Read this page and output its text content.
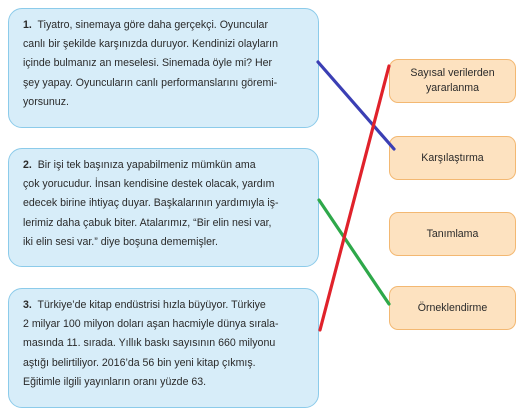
1. Tiyatro, sinemaya göre daha gerçekçi. Oyuncular

canlı bir şekilde karşınızda duruyor. Kendinizi olayların

içinde bulmanız an meselesi. Sinemada öyle mi? Her

şey yapay. Oyuncuların canlı performanslarını göremi-

yorsunuz.

2. Bir işi tek başınıza yapabilmeniz mümkün ama

çok yorucudur. İnsan kendisine destek olacak, yardım

edecek birine ihtiyaç duyar. Başkalarının yardımıyla iş-

lerimiz daha çabuk biter. Atalarımız, “Bir elin nesi var,

iki elin sesi var.” diye boşuna dememişler.

3. Türkiye’de kitap endüstrisi hızla büyüyor. Türkiye

2 milyar 100 milyon doları aşan hacmiyle dünya sırala-

masında 11. sırada. Yıllık baskı sayısının 660 milyonu

aştığı belirtiliyor. 2016’da 56 bin yeni kitap çıkmış.

Eğitimle ilgili yayınların oranı yüzde 63.

Sayısal verilerden
yararlanma
Karşılaştırma
Tanımlama
Örneklendirme
